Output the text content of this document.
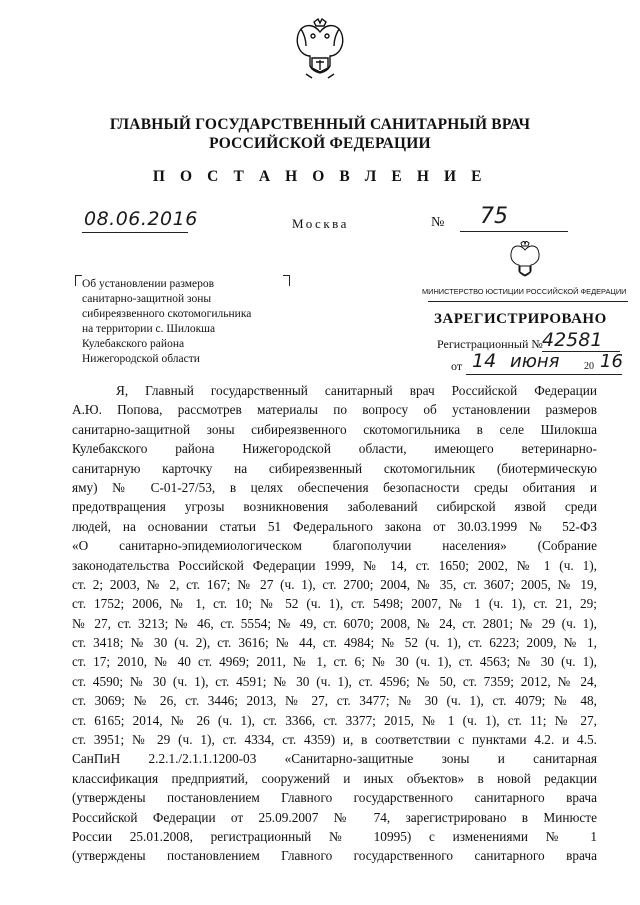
ГЛАВНЫЙ ГОСУДАРСТВЕННЫЙ САНИТАРНЫЙ ВРАЧ
РОССИЙСКОЙ ФЕДЕРАЦИИ
П О С Т А Н О В Л Е Н И Е
08.06.2016	Москва	№ 75
Об установлении размеров
санитарно-защитной зоны
сибиреязвенного скотомогильника
на территории с. Шилокша
Кулебакского района
Нижегородской области
МИНИСТЕРСТВО ЮСТИЦИИ РОССИЙСКОЙ ФЕДЕРАЦИИ
ЗАРЕГИСТРИРОВАНО
Регистрационный № 42581
от 14 июня 20 16
Я, Главный государственный санитарный врач Российской Федерации
А.Ю. Попова, рассмотрев материалы по вопросу об установлении размеров
санитарно-защитной зоны сибиреязвенного скотомогильника в селе Шилокша
Кулебакского района Нижегородской области, имеющего ветеринарно-
санитарную карточку на сибиреязвенный скотомогильник (биотермическую
яму) № С-01-27/53, в целях обеспечения безопасности среды обитания и
предотвращения угрозы возникновения заболеваний сибирской язвой среди
людей, на основании статьи 51 Федерального закона от 30.03.1999 № 52-ФЗ
«О санитарно-эпидемиологическом благополучии населения» (Собрание
законодательства Российской Федерации 1999, № 14, ст. 1650; 2002, № 1 (ч. 1),
ст. 2; 2003, № 2, ст. 167; № 27 (ч. 1), ст. 2700; 2004, № 35, ст. 3607; 2005, № 19,
ст. 1752; 2006, № 1, ст. 10; № 52 (ч. 1), ст. 5498; 2007, № 1 (ч. 1), ст. 21, 29;
№ 27, ст. 3213; № 46, ст. 5554; № 49, ст. 6070; 2008, № 24, ст. 2801; № 29 (ч. 1),
ст. 3418; № 30 (ч. 2), ст. 3616; № 44, ст. 4984; № 52 (ч. 1), ст. 6223; 2009, № 1,
ст. 17; 2010, № 40 ст. 4969; 2011, № 1, ст. 6; № 30 (ч. 1), ст. 4563; № 30 (ч. 1),
ст. 4590; № 30 (ч. 1), ст. 4591; № 30 (ч. 1), ст. 4596; № 50, ст. 7359; 2012, № 24,
ст. 3069; № 26, ст. 3446; 2013, № 27, ст. 3477; № 30 (ч. 1), ст. 4079; № 48,
ст. 6165; 2014, № 26 (ч. 1), ст. 3366, ст. 3377; 2015, № 1 (ч. 1), ст. 11; № 27,
ст. 3951; № 29 (ч. 1), ст. 4334, ст. 4359) и, в соответствии с пунктами 4.2. и 4.5.
СанПиН 2.2.1./2.1.1.1200-03 «Санитарно-защитные зоны и санитарная
классификация предприятий, сооружений и иных объектов» в новой редакции
(утверждены постановлением Главного государственного санитарного врача
Российской Федерации от 25.09.2007 № 74, зарегистрировано в Минюсте
России 25.01.2008, регистрационный № 10995) с изменениями № 1
(утверждены постановлением Главного государственного санитарного врача
